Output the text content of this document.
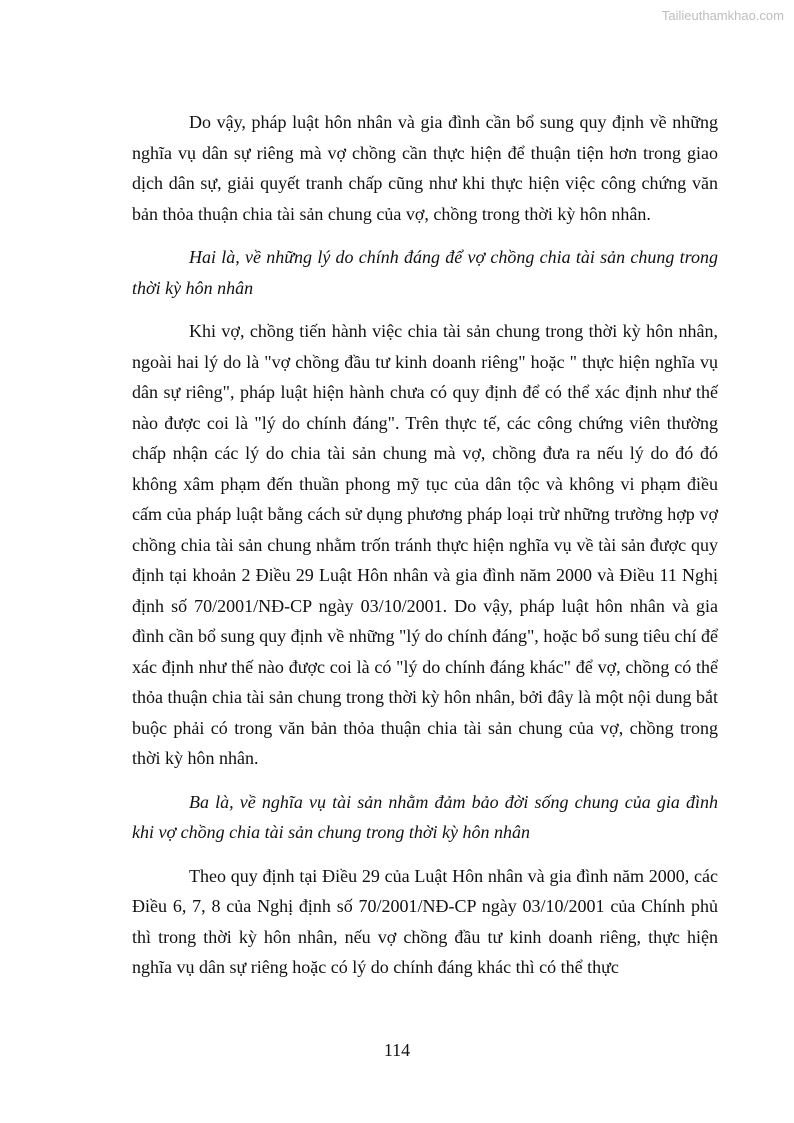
Tailieuthamkhao.com

Do vậy, pháp luật hôn nhân và gia đình cần bổ sung quy định về những nghĩa vụ dân sự riêng mà vợ chồng cần thực hiện để thuận tiện hơn trong giao dịch dân sự, giải quyết tranh chấp cũng như khi thực hiện việc công chứng văn bản thỏa thuận chia tài sản chung của vợ, chồng trong thời kỳ hôn nhân.

Hai là, về những lý do chính đáng để vợ chồng chia tài sản chung trong thời kỳ hôn nhân

Khi vợ, chồng tiến hành việc chia tài sản chung trong thời kỳ hôn nhân, ngoài hai lý do là "vợ chồng đầu tư kinh doanh riêng" hoặc " thực hiện nghĩa vụ dân sự riêng", pháp luật hiện hành chưa có quy định để có thể xác định như thế nào được coi là "lý do chính đáng". Trên thực tế, các công chứng viên thường chấp nhận các lý do chia tài sản chung mà vợ, chồng đưa ra nếu lý do đó đó không xâm phạm đến thuần phong mỹ tục của dân tộc và không vi phạm điều cấm của pháp luật bằng cách sử dụng phương pháp loại trừ những trường hợp vợ chồng chia tài sản chung nhằm trốn tránh thực hiện nghĩa vụ về tài sản được quy định tại khoản 2 Điều 29 Luật Hôn nhân và gia đình năm 2000 và Điều 11 Nghị định số 70/2001/NĐ-CP ngày 03/10/2001. Do vậy, pháp luật hôn nhân và gia đình cần bổ sung quy định về những "lý do chính đáng", hoặc bổ sung tiêu chí để xác định như thế nào được coi là có "lý do chính đáng khác" để vợ, chồng có thể thỏa thuận chia tài sản chung trong thời kỳ hôn nhân, bởi đây là một nội dung bắt buộc phải có trong văn bản thỏa thuận chia tài sản chung của vợ, chồng trong thời kỳ hôn nhân.

Ba là, về nghĩa vụ tài sản nhằm đảm bảo đời sống chung của gia đình khi vợ chồng chia tài sản chung trong thời kỳ hôn nhân

Theo quy định tại Điều 29 của Luật Hôn nhân và gia đình năm 2000, các Điều 6, 7, 8 của Nghị định số 70/2001/NĐ-CP ngày 03/10/2001 của Chính phủ thì trong thời kỳ hôn nhân, nếu vợ chồng đầu tư kinh doanh riêng, thực hiện nghĩa vụ dân sự riêng hoặc có lý do chính đáng khác thì có thể thực

114
